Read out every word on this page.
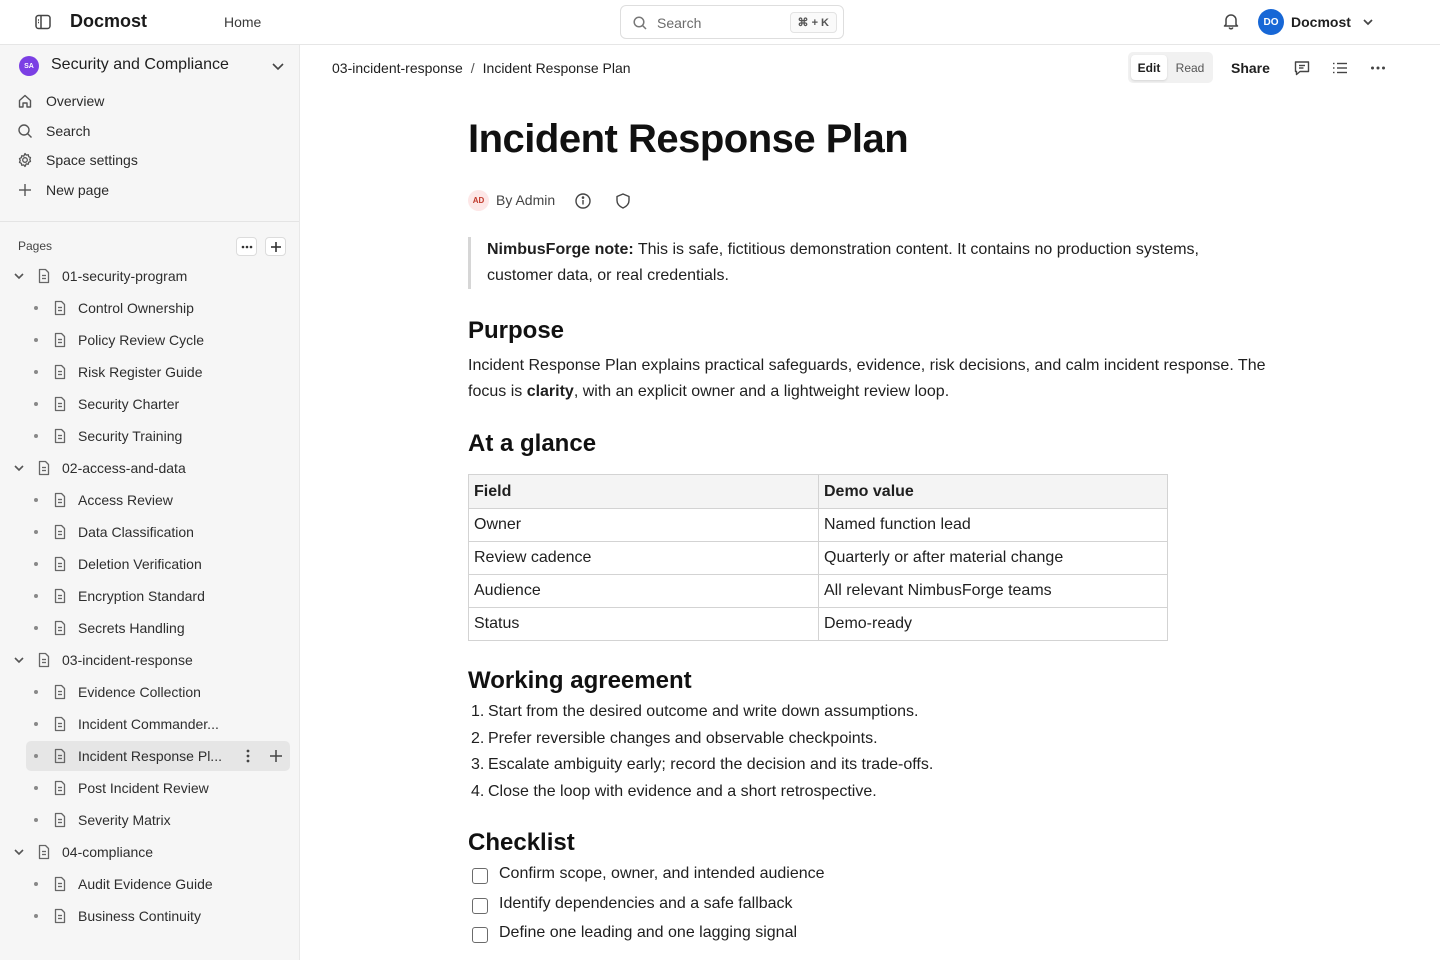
Docmost	Home	Search	⌘ + K	DO Docmost
SA	Security and Compliance
Overview
Search
Space settings
New page
Pages
01-security-program
Control Ownership
Policy Review Cycle
Risk Register Guide
Security Charter
Security Training
02-access-and-data
Access Review
Data Classification
Deletion Verification
Encryption Standard
Secrets Handling
03-incident-response
Evidence Collection
Incident Commander...
Incident Response Pl...
Post Incident Review
Severity Matrix
04-compliance
Audit Evidence Guide
Business Continuity
03-incident-response / Incident Response Plan	Edit	Read Share
Incident Response Plan
AD By Admin
NimbusForge note: This is safe, fictitious demonstration content. It contains no production systems, customer data, or real credentials.
Purpose
Incident Response Plan explains practical safeguards, evidence, risk decisions, and calm incident response. The focus is clarity, with an explicit owner and a lightweight review loop.
At a glance
Field	Demo value
Owner	Named function lead
Review cadence	Quarterly or after material change
Audience	All relevant NimbusForge teams
Status	Demo-ready
Working agreement
1. Start from the desired outcome and write down assumptions.
2. Prefer reversible changes and observable checkpoints.
3. Escalate ambiguity early; record the decision and its trade-offs.
4. Close the loop with evidence and a short retrospective.
Checklist
Confirm scope, owner, and intended audience
Identify dependencies and a safe fallback
Define one leading and one lagging signal
